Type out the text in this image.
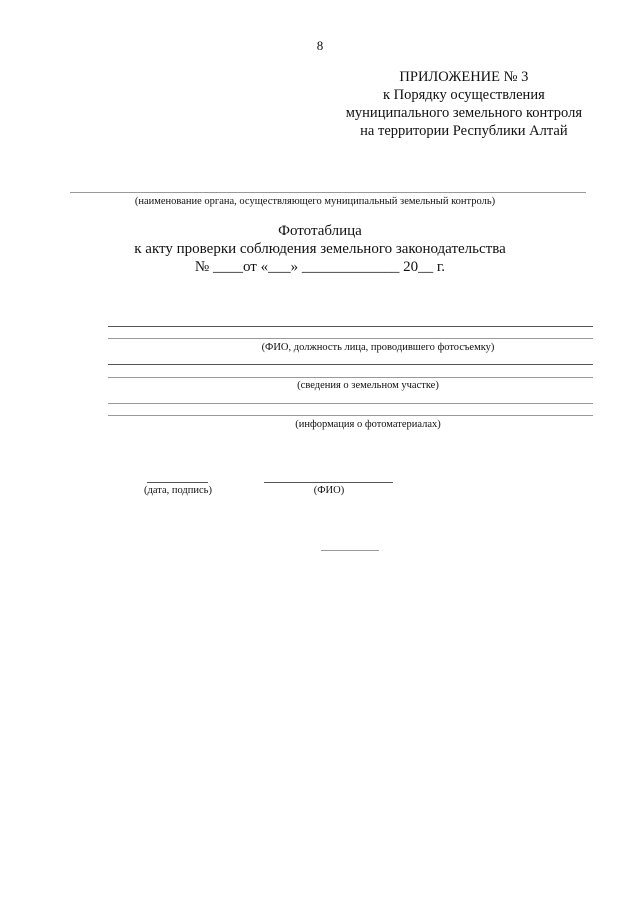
8
ПРИЛОЖЕНИЕ № 3
к Порядку осуществления
муниципального земельного контроля
на территории Республики Алтай
(наименование органа, осуществляющего муниципальный земельный контроль)
Фототаблица
к акту проверки соблюдения земельного законодательства
№ ____от «___» _____________ 20__ г.
(ФИО, должность лица, проводившего фотосъемку)
(сведения о земельном участке)
(информация о фотоматериалах)
(дата, подпись)	(ФИО)
